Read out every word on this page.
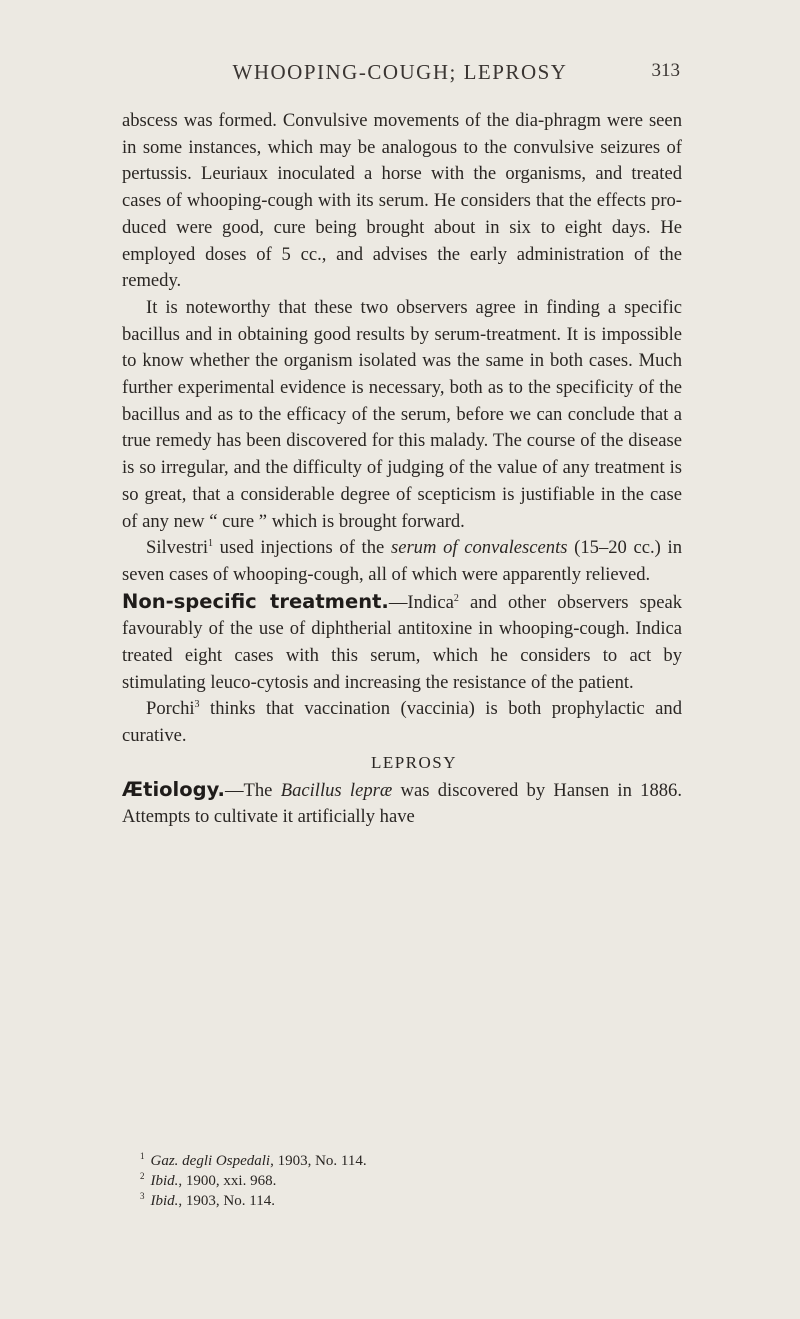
WHOOPING-COUGH; LEPROSY	313

abscess was formed. Convulsive movements of the dia-phragm were seen in some instances, which may be analogous to the convulsive seizures of pertussis. Leuriaux inoculated a horse with the organisms, and treated cases of whooping-cough with its serum. He considers that the effects pro-duced were good, cure being brought about in six to eight days. He employed doses of 5 cc., and advises the early administration of the remedy.

It is noteworthy that these two observers agree in finding a specific bacillus and in obtaining good results by serum-treatment. It is impossible to know whether the organism isolated was the same in both cases. Much further experimental evidence is necessary, both as to the specificity of the bacillus and as to the efficacy of the serum, before we can conclude that a true remedy has been discovered for this malady. The course of the disease is so irregular, and the difficulty of judging of the value of any treatment is so great, that a considerable degree of scepticism is justifiable in the case of any new “ cure ” which is brought forward.

Silvestri$^1$ used injections of the serum of convalescents (15–20 cc.) in seven cases of whooping-cough, all of which were apparently relieved.

Non-specific treatment.—Indica$^2$ and other observers speak favourably of the use of diphtherial antitoxine in whooping-cough. Indica treated eight cases with this serum, which he considers to act by stimulating leuco-cytosis and increasing the resistance of the patient.

Porchi$^3$ thinks that vaccination (vaccinia) is both prophylactic and curative.

LEPROSY

Ætiology.—The Bacillus lepræ was discovered by Hansen in 1886. Attempts to cultivate it artificially have

$^1$ Gaz. degli Ospedali, 1903, No. 114.
$^2$ Ibid., 1900, xxi. 968.
$^3$ Ibid., 1903, No. 114.
